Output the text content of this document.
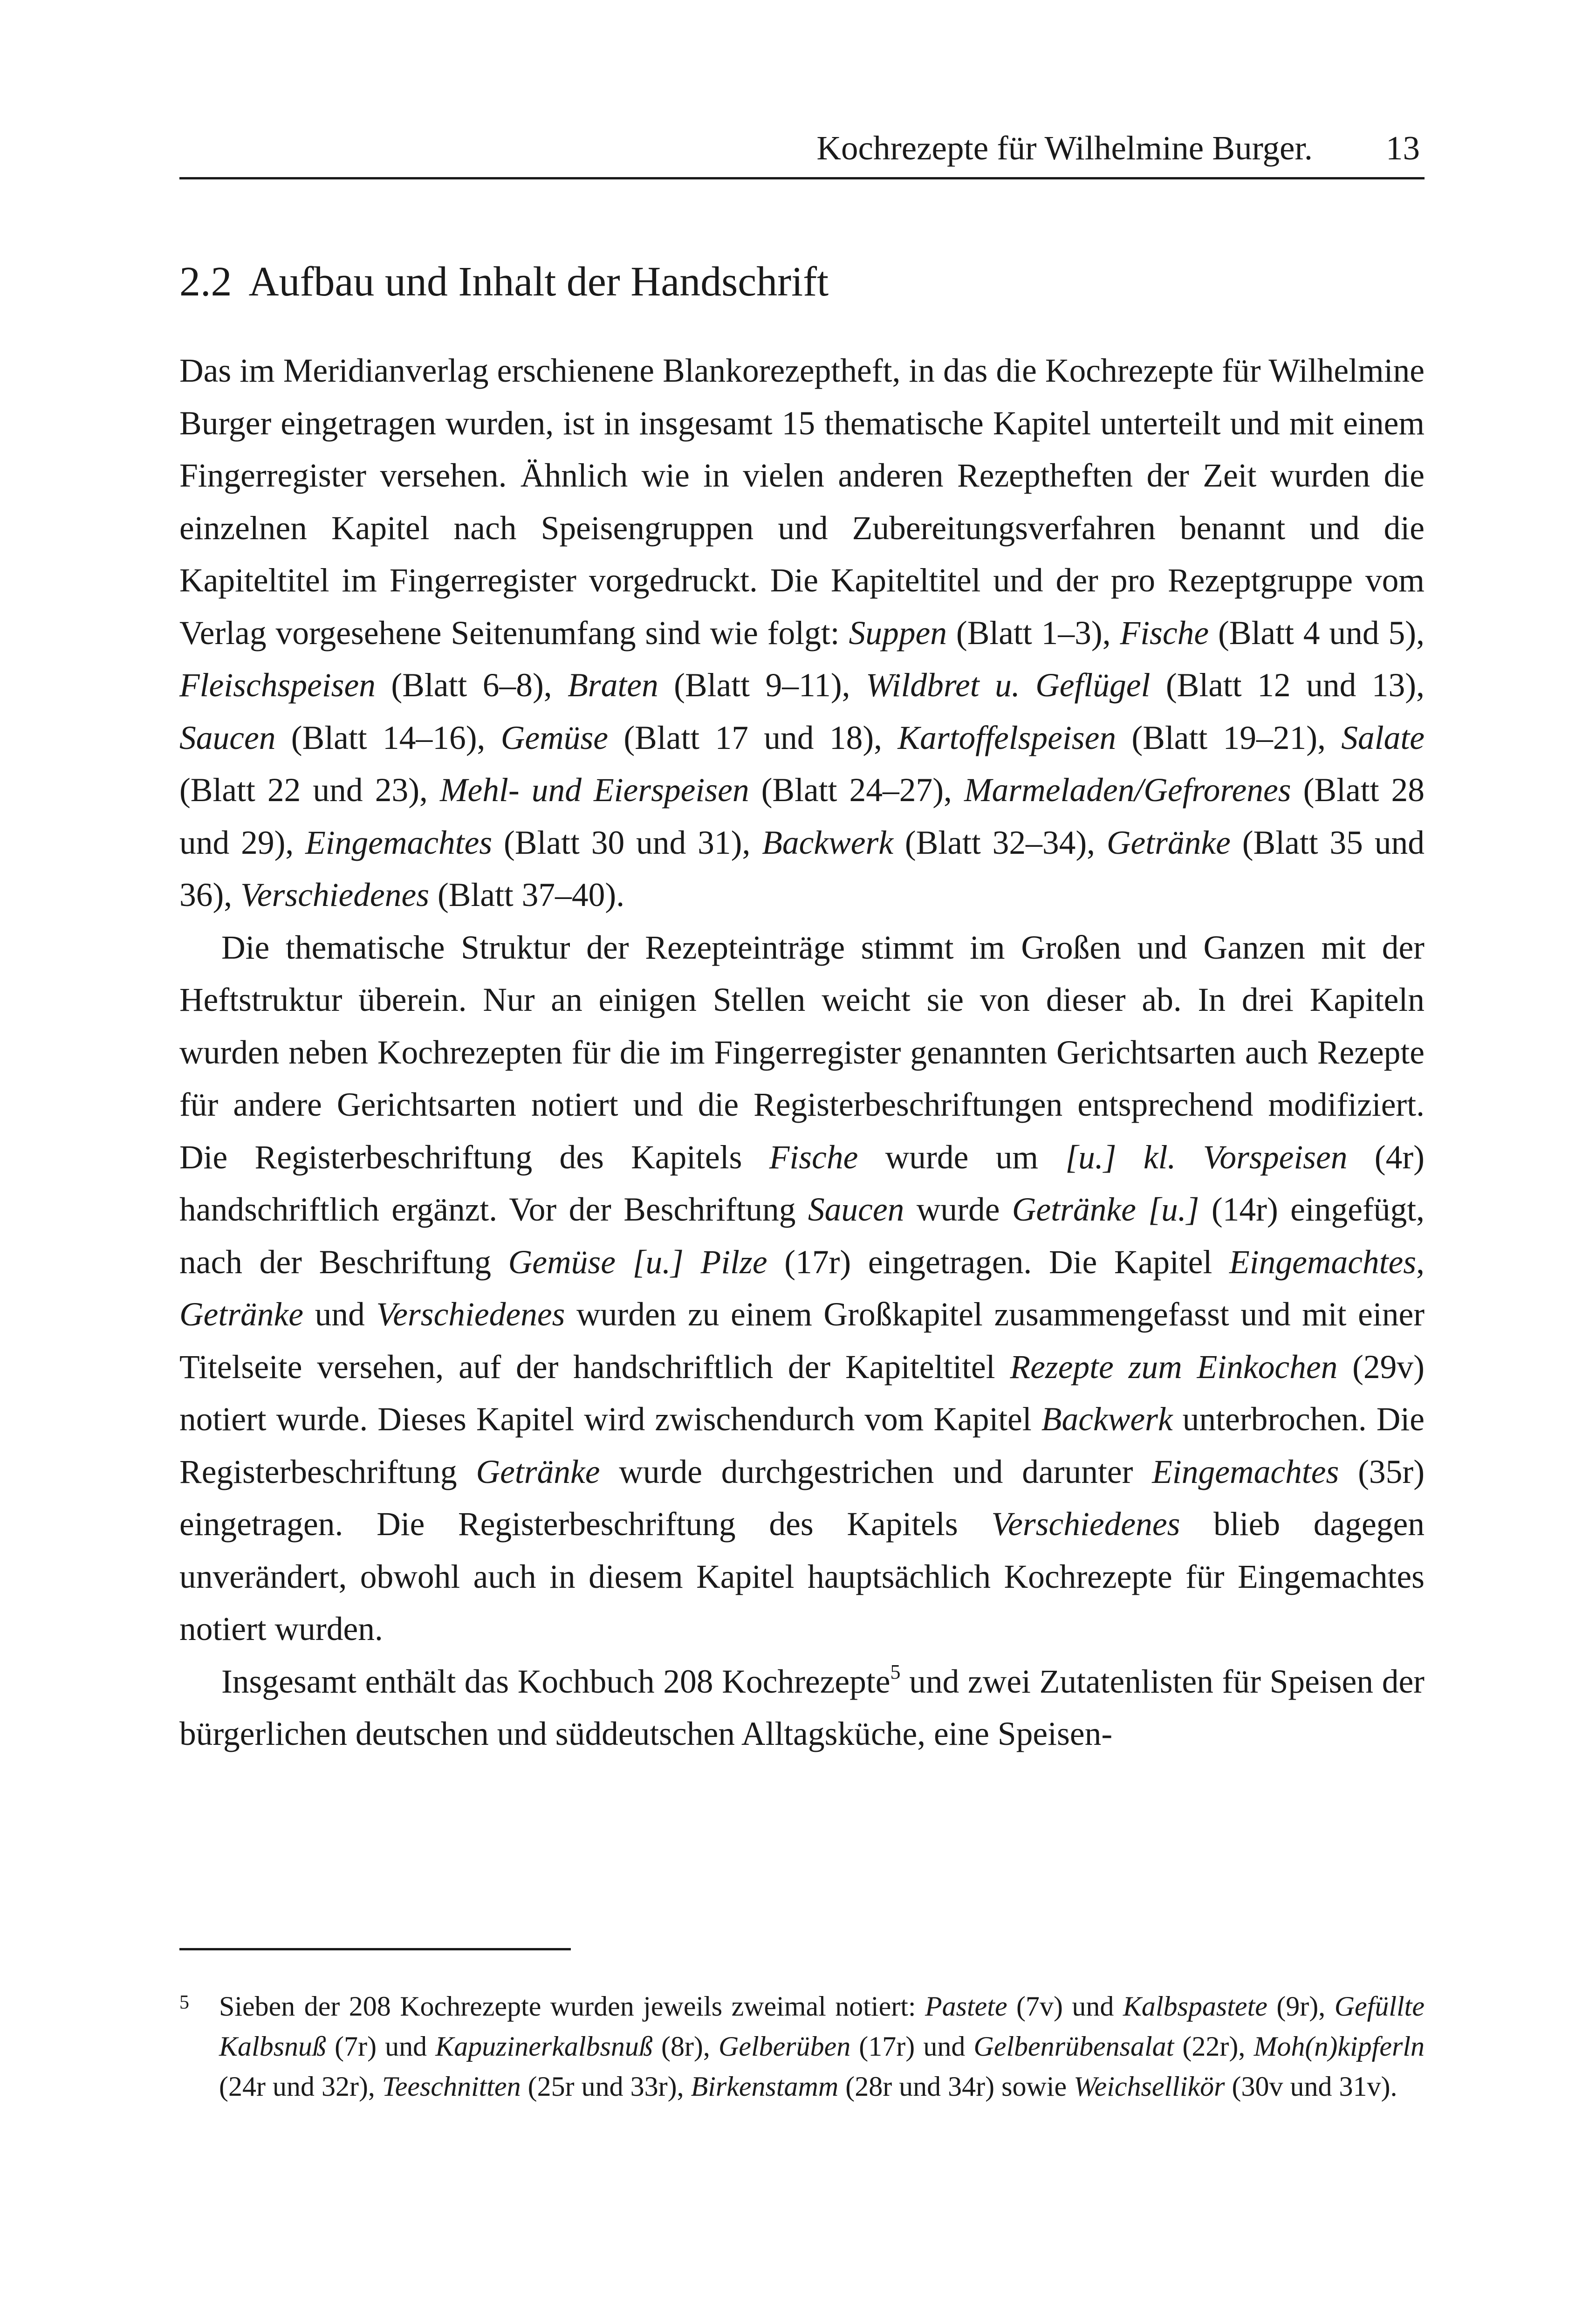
Kochrezepte für Wilhelmine Burger. 13
2.2 Aufbau und Inhalt der Handschrift

Das im Meridianverlag erschienene Blankorezeptheft, in das die Kochrezepte für Wilhelmine Burger eingetragen wurden, ist in insgesamt 15 thematische Kapitel unterteilt und mit einem Fingerregister versehen. Ähnlich wie in vielen anderen Rezeptheften der Zeit wurden die einzelnen Kapitel nach Speisengruppen und Zubereitungsverfahren benannt und die Kapiteltitel im Fingerregister vorgedruckt. Die Kapiteltitel und der pro Rezeptgruppe vom Verlag vorgesehene Seitenumfang sind wie folgt: Suppen (Blatt 1–3), Fische (Blatt 4 und 5), Fleischspeisen (Blatt 6–8), Braten (Blatt 9–11), Wildbret u. Geflügel (Blatt 12 und 13), Saucen (Blatt 14–16), Gemüse (Blatt 17 und 18), Kartoffelspeisen (Blatt 19–21), Salate (Blatt 22 und 23), Mehl- und Eierspeisen (Blatt 24–27), Marmeladen/Gefrorenes (Blatt 28 und 29), Eingemachtes (Blatt 30 und 31), Backwerk (Blatt 32–34), Getränke (Blatt 35 und 36), Verschiedenes (Blatt 37–40).

Die thematische Struktur der Rezepteinträge stimmt im Großen und Ganzen mit der Heftstruktur überein. Nur an einigen Stellen weicht sie von dieser ab. In drei Kapiteln wurden neben Kochrezepten für die im Fingerregister genannten Gerichtsarten auch Rezepte für andere Gerichtsarten notiert und die Registerbeschriftungen entsprechend modifiziert. Die Registerbeschriftung des Kapitels Fische wurde um [u.] kl. Vorspeisen (4r) handschriftlich ergänzt. Vor der Beschriftung Saucen wurde Getränke [u.] (14r) eingefügt, nach der Beschriftung Gemüse [u.] Pilze (17r) eingetragen. Die Kapitel Eingemachtes, Getränke und Verschiedenes wurden zu einem Großkapitel zusammengefasst und mit einer Titelseite versehen, auf der handschriftlich der Kapiteltitel Rezepte zum Einkochen (29v) notiert wurde. Dieses Kapitel wird zwischendurch vom Kapitel Backwerk unterbrochen. Die Registerbeschriftung Getränke wurde durchgestrichen und darunter Eingemachtes (35r) eingetragen. Die Registerbeschriftung des Kapitels Verschiedenes blieb dagegen unverändert, obwohl auch in diesem Kapitel hauptsächlich Kochrezepte für Eingemachtes notiert wurden.

Insgesamt enthält das Kochbuch 208 Kochrezepte$^5$ und zwei Zutatenlisten für Speisen der bürgerlichen deutschen und süddeutschen Alltagsküche, eine Speisen-

5 Sieben der 208 Kochrezepte wurden jeweils zweimal notiert: Pastete (7v) und Kalbspastete (9r), Gefüllte Kalbsnuß (7r) und Kapuzinerkalbsnuß (8r), Gelberüben (17r) und Gelbenrübensalat (22r), Moh(n)kipferln (24r und 32r), Teeschnitten (25r und 33r), Birkenstamm (28r und 34r) sowie Weichsellikör (30v und 31v).
